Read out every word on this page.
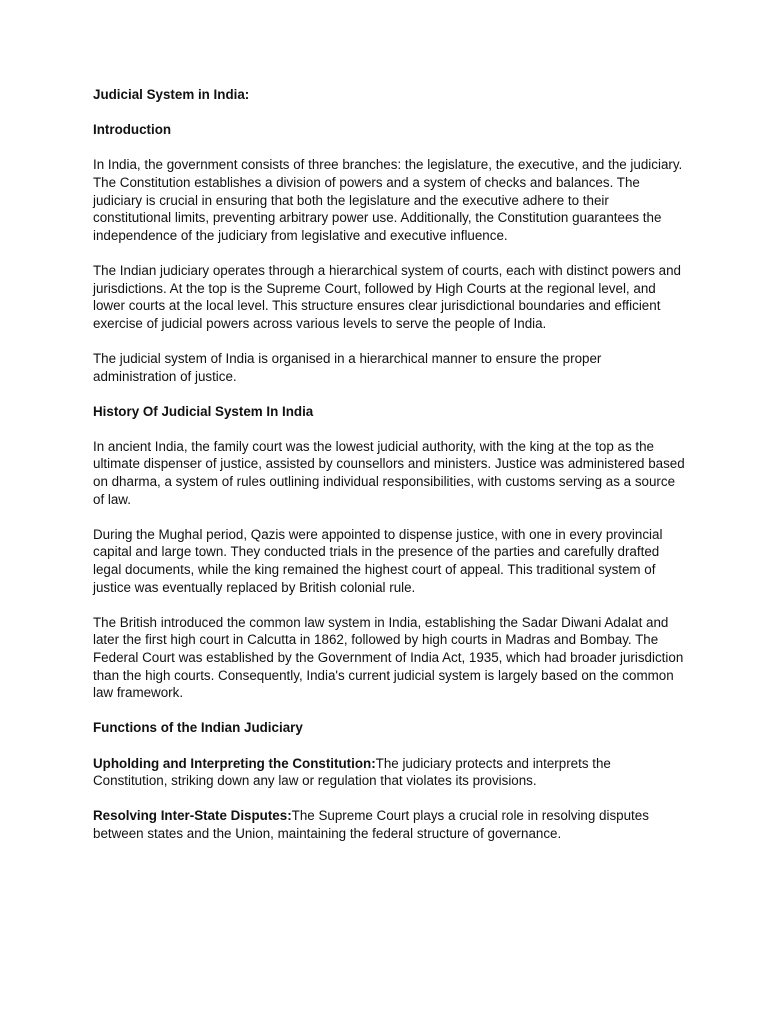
Judicial System in India:
Introduction

In India, the government consists of three branches: the legislature, the executive, and the judiciary. The Constitution establishes a division of powers and a system of checks and balances. The judiciary is crucial in ensuring that both the legislature and the executive adhere to their constitutional limits, preventing arbitrary power use. Additionally, the Constitution guarantees the independence of the judiciary from legislative and executive influence.

The Indian judiciary operates through a hierarchical system of courts, each with distinct powers and jurisdictions. At the top is the Supreme Court, followed by High Courts at the regional level, and lower courts at the local level. This structure ensures clear jurisdictional boundaries and efficient exercise of judicial powers across various levels to serve the people of India.

The judicial system of India is organised in a hierarchical manner to ensure the proper administration of justice.

History Of Judicial System In India

In ancient India, the family court was the lowest judicial authority, with the king at the top as the ultimate dispenser of justice, assisted by counsellors and ministers. Justice was administered based on dharma, a system of rules outlining individual responsibilities, with customs serving as a source of law.

During the Mughal period, Qazis were appointed to dispense justice, with one in every provincial capital and large town. They conducted trials in the presence of the parties and carefully drafted legal documents, while the king remained the highest court of appeal. This traditional system of justice was eventually replaced by British colonial rule.

The British introduced the common law system in India, establishing the Sadar Diwani Adalat and later the first high court in Calcutta in 1862, followed by high courts in Madras and Bombay. The Federal Court was established by the Government of India Act, 1935, which had broader jurisdiction than the high courts. Consequently, India's current judicial system is largely based on the common law framework.

Functions of the Indian Judiciary

Upholding and Interpreting the Constitution:The judiciary protects and interprets the Constitution, striking down any law or regulation that violates its provisions.

Resolving Inter-State Disputes:The Supreme Court plays a crucial role in resolving disputes between states and the Union, maintaining the federal structure of governance.
